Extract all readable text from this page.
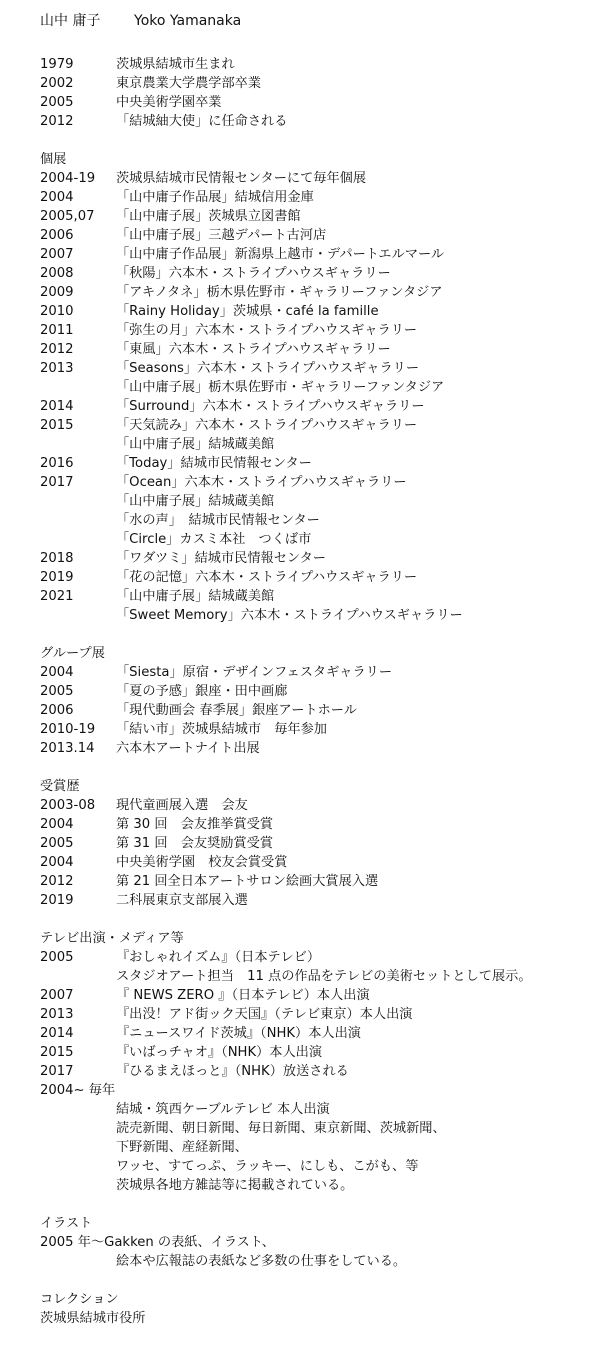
山中 庸子 Yoko Yamanaka
1979	茨城県結城市生まれ
2002	東京農業大学農学部卒業
2005	中央美術学園卒業
2012	「結城紬大使」に任命される
個展
2004-19	茨城県結城市民情報センターにて毎年個展
2004	「山中庸子作品展」結城信用金庫
2005,07	「山中庸子展」茨城県立図書館
2006	「山中庸子展」三越デパート古河店
2007	「山中庸子作品展」新潟県上越市・デパートエルマール
2008	「秋陽」六本木・ストライプハウスギャラリー
2009	「アキノタネ」栃木県佐野市・ギャラリーファンタジア
2010	「Rainy Holiday」茨城県・café la famille
2011	「弥生の月」六本木・ストライプハウスギャラリー
2012	「東風」六本木・ストライプハウスギャラリー
2013	「Seasons」六本木・ストライプハウスギャラリー
「山中庸子展」栃木県佐野市・ギャラリーファンタジア
2014	「Surround」六本木・ストライプハウスギャラリー
2015	「天気読み」六本木・ストライプハウスギャラリー
「山中庸子展」結城蔵美館
2016	「Today」結城市民情報センター
2017	「Ocean」六本木・ストライプハウスギャラリー
「山中庸子展」結城蔵美館
「水の声」　結城市民情報センター
「Circle」カスミ本社　つくば市
2018	「ワダツミ」結城市民情報センター
2019	「花の記憶」六本木・ストライプハウスギャラリー
2021	「山中庸子展」結城蔵美館
「Sweet Memory」六本木・ストライプハウスギャラリー
グループ展
2004	「Siesta」原宿・デザインフェスタギャラリー
2005	「夏の予感」銀座・田中画廊
2006	「現代動画会 春季展」銀座アートホール
2010-19	「結い市」茨城県結城市　毎年参加
2013.14	六本木アートナイト出展
受賞歴
2003-08	現代童画展入選　会友
2004	第 30 回　会友推挙賞受賞
2005	第 31 回　会友奨励賞受賞
2004	中央美術学園　校友会賞受賞
2012	第 21 回全日本アートサロン絵画大賞展入選
2019	二科展東京支部展入選
テレビ出演・メディア等
2005	『おしゃれイズム』（日本テレビ）
スタジオアート担当　11 点の作品をテレビの美術セットとして展示。
2007	『 NEWS ZERO 』（日本テレビ）本人出演
2013	『出没！アド街ック天国』（テレビ東京）本人出演
2014	『ニュースワイド茨城』（NHK）本人出演
2015	『いばっチャオ』（NHK）本人出演
2017	『ひるまえほっと』（NHK）放送される
2004~ 毎年
結城・筑西ケーブルテレビ 本人出演
読売新聞、朝日新聞、毎日新聞、東京新聞、茨城新聞、
下野新聞、産経新聞、
ワッセ、すてっぷ、ラッキー、にしも、こがも、等
茨城県各地方雑誌等に掲載されている。
イラスト
2005 年～Gakken の表紙、イラスト、
絵本や広報誌の表紙など多数の仕事をしている。
コレクション
茨城県結城市役所
